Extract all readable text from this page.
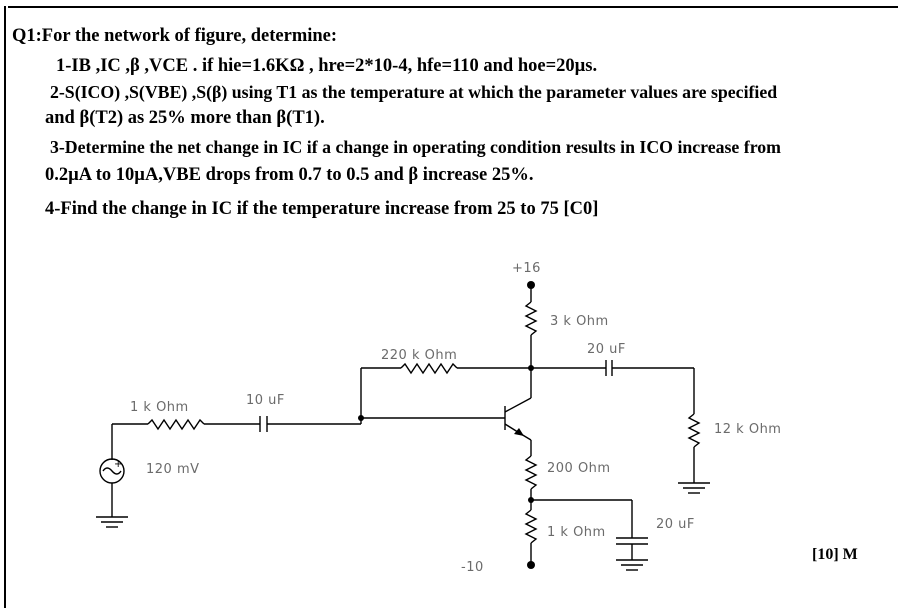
Q1:For the network of figure, determine:
1-IB ,IC ,β ,VCE . if hie=1.6KΩ , hre=2*10-4, hfe=110 and hoe=20µs.
2-S(ICO) ,S(VBE) ,S(β) using T1 as the temperature at which the parameter values are specified
and β(T2) as 25% more than β(T1).
3-Determine the net change in IC if a change in operating condition results in ICO increase from
0.2µA to 10µA,VBE drops from 0.7 to 0.5 and β increase 25%.
4-Find the change in IC if the temperature increase from 25 to 75 [C0]
+
+16
-10
3 k Ohm
220 k Ohm
1 k Ohm	10 uF
20 uF
12 k Ohm
200 Ohm
1 k Ohm
20 uF
120 mV
[10] M
